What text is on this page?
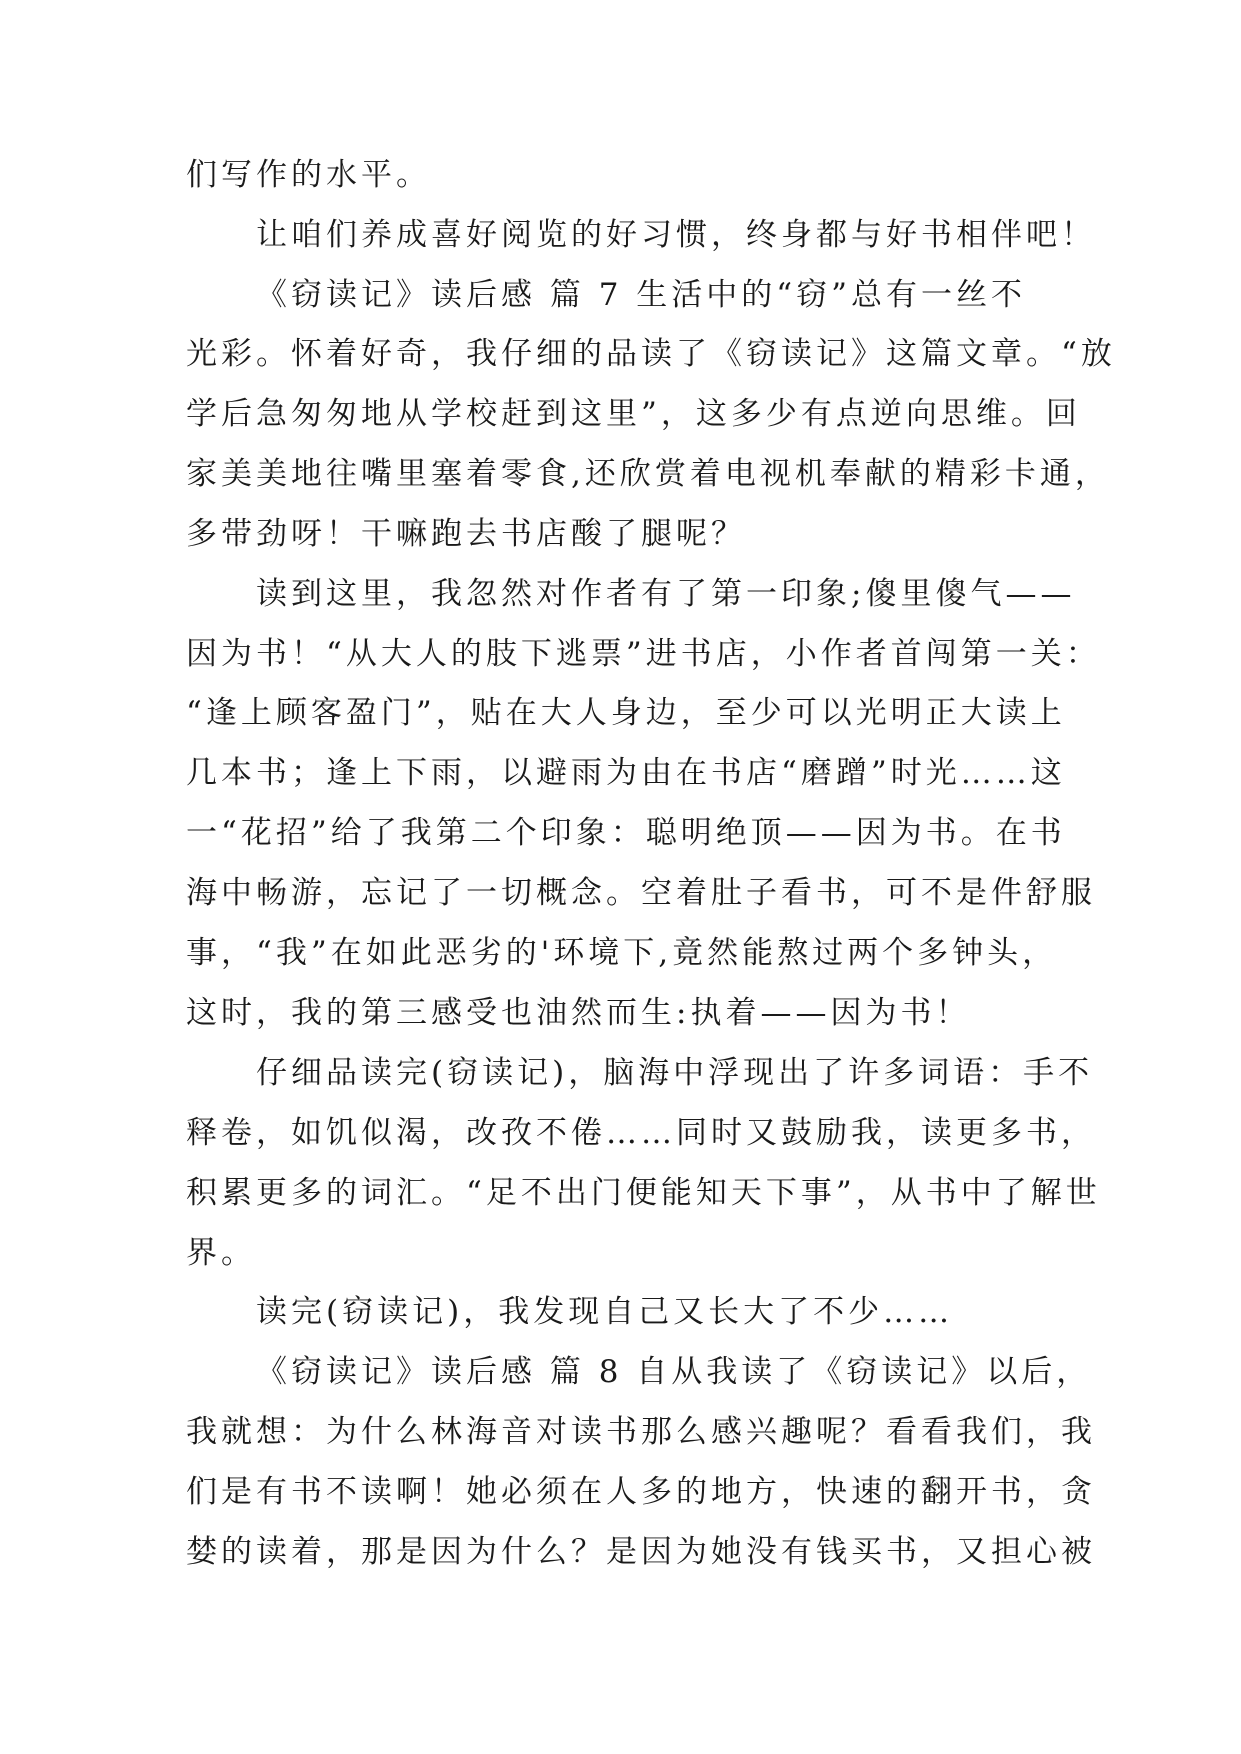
们写作的水平。

让咱们养成喜好阅览的好习惯，终身都与好书相伴吧！

《窃读记》读后感 篇 7 生活中的“窃”总有一丝不

光彩。怀着好奇，我仔细的品读了《窃读记》这篇文章。“放

学后急匆匆地从学校赶到这里”，这多少有点逆向思维。回

家美美地往嘴里塞着零食,还欣赏着电视机奉献的精彩卡通，

多带劲呀！干嘛跑去书店酸了腿呢？

读到这里，我忽然对作者有了第一印象;傻里傻气——

因为书！“从大人的肢下逃票”进书店，小作者首闯第一关：

“逢上顾客盈门”，贴在大人身边，至少可以光明正大读上

几本书；逢上下雨，以避雨为由在书店“磨蹭”时光……这

一“花招”给了我第二个印象：聪明绝顶——因为书。在书

海中畅游，忘记了一切概念。空着肚子看书，可不是件舒服

事，“我”在如此恶劣的'环境下,竟然能熬过两个多钟头，

这时，我的第三感受也油然而生:执着——因为书！

仔细品读完(窃读记)，脑海中浮现出了许多词语：手不

释卷，如饥似渴，改孜不倦……同时又鼓励我，读更多书，

积累更多的词汇。“足不出门便能知天下事”，从书中了解世

界。

读完(窃读记)，我发现自己又长大了不少……

《窃读记》读后感 篇 8 自从我读了《窃读记》以后，

我就想：为什么林海音对读书那么感兴趣呢？看看我们，我

们是有书不读啊！她必须在人多的地方，快速的翻开书，贪

婪的读着，那是因为什么？是因为她没有钱买书，又担心被
